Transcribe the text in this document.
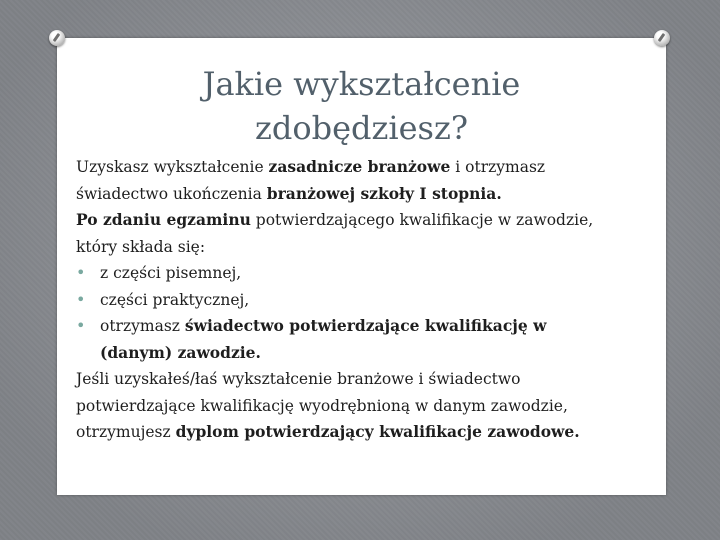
Jakie wykształcenie
zdobędziesz?

Uzyskasz wykształcenie zasadnicze branżowe i otrzymasz
świadectwo ukończenia branżowej szkoły I stopnia.

Po zdaniu egzaminu potwierdzającego kwalifikacje w zawodzie,
który składa się:

• z części pisemnej,
• części praktycznej,
• otrzymasz świadectwo potwierdzające kwalifikację w
(danym) zawodzie.

Jeśli uzyskałeś/łaś wykształcenie branżowe i świadectwo
potwierdzające kwalifikację wyodrębnioną w danym zawodzie,
otrzymujesz dyplom potwierdzający kwalifikacje zawodowe.
